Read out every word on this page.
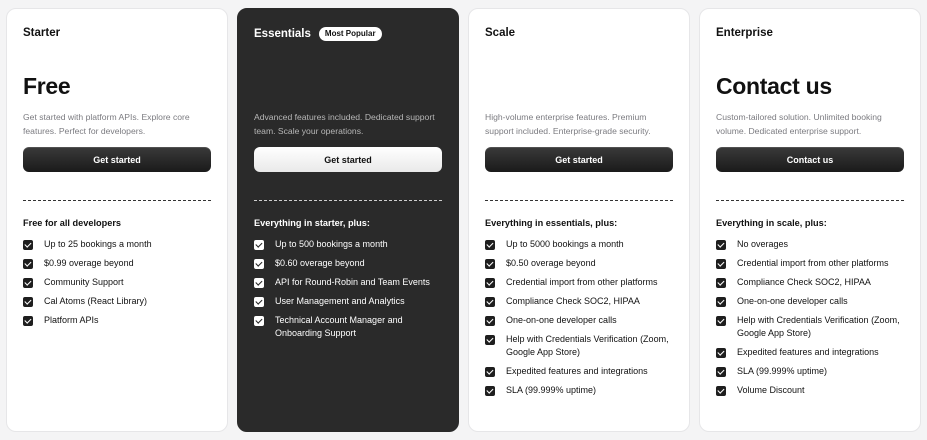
Starter
Free
Get started with platform APIs. Explore core features. Perfect for developers.
Get started
Free for all developers
Up to 25 bookings a month
$0.99 overage beyond
Community Support
Cal Atoms (React Library)
Platform APIs
Essentials	Most Popular
Advanced features included. Dedicated support team. Scale your operations.
Get started
Everything in starter, plus:
Up to 500 bookings a month
$0.60 overage beyond
API for Round-Robin and Team Events
User Management and Analytics
Technical Account Manager and Onboarding Support
Scale
High-volume enterprise features. Premium support included. Enterprise-grade security.
Get started
Everything in essentials, plus:
Up to 5000 bookings a month
$0.50 overage beyond
Credential import from other platforms
Compliance Check SOC2, HIPAA
One-on-one developer calls
Help with Credentials Verification (Zoom, Google App Store)
Expedited features and integrations
SLA (99.999% uptime)
Enterprise
Contact us
Custom-tailored solution. Unlimited booking volume. Dedicated enterprise support.
Contact us
Everything in scale, plus:
No overages
Credential import from other platforms
Compliance Check SOC2, HIPAA
One-on-one developer calls
Help with Credentials Verification (Zoom, Google App Store)
Expedited features and integrations
SLA (99.999% uptime)
Volume Discount
